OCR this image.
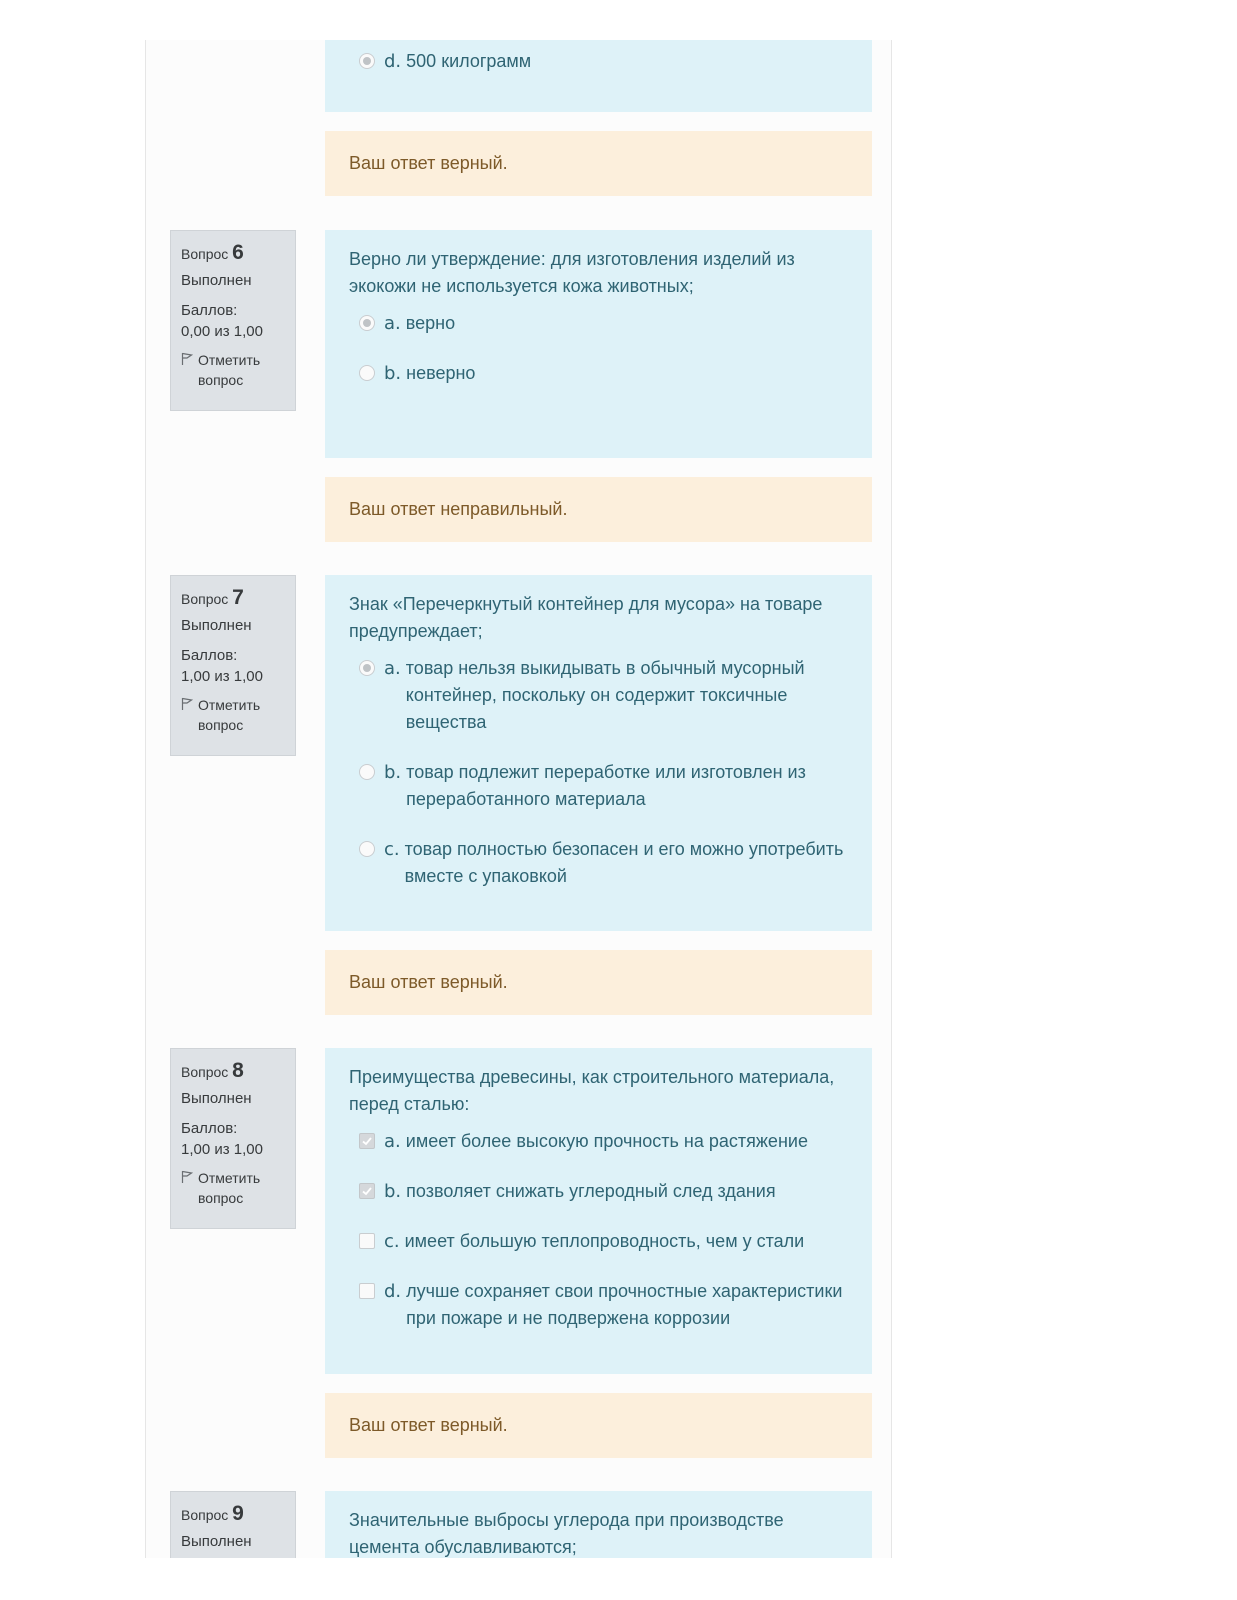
d. 500 килограмм
Ваш ответ верный.
Вопрос 6
Выполнен
Баллов:
0,00 из 1,00
Отметить вопрос
Верно ли утверждение: для изготовления изделий из экокожи не используется кожа животных;
a. верно
b. неверно
Ваш ответ неправильный.
Вопрос 7
Выполнен
Баллов:
1,00 из 1,00
Отметить вопрос
Знак «Перечеркнутый контейнер для мусора» на товаре предупреждает;
a. товар нельзя выкидывать в обычный мусорный контейнер, поскольку он содержит токсичные вещества
b. товар подлежит переработке или изготовлен из переработанного материала
c. товар полностью безопасен и его можно употребить вместе с упаковкой
Ваш ответ верный.
Вопрос 8
Выполнен
Баллов:
1,00 из 1,00
Отметить вопрос
Преимущества древесины, как строительного материала, перед сталью:
a. имеет более высокую прочность на растяжение
b. позволяет снижать углеродный след здания
c. имеет большую теплопроводность, чем у стали
d. лучше сохраняет свои прочностные характеристики при пожаре и не подвержена коррозии
Ваш ответ верный.
Вопрос 9
Выполнен
Значительные выбросы углерода при производстве цемента обуславливаются;
